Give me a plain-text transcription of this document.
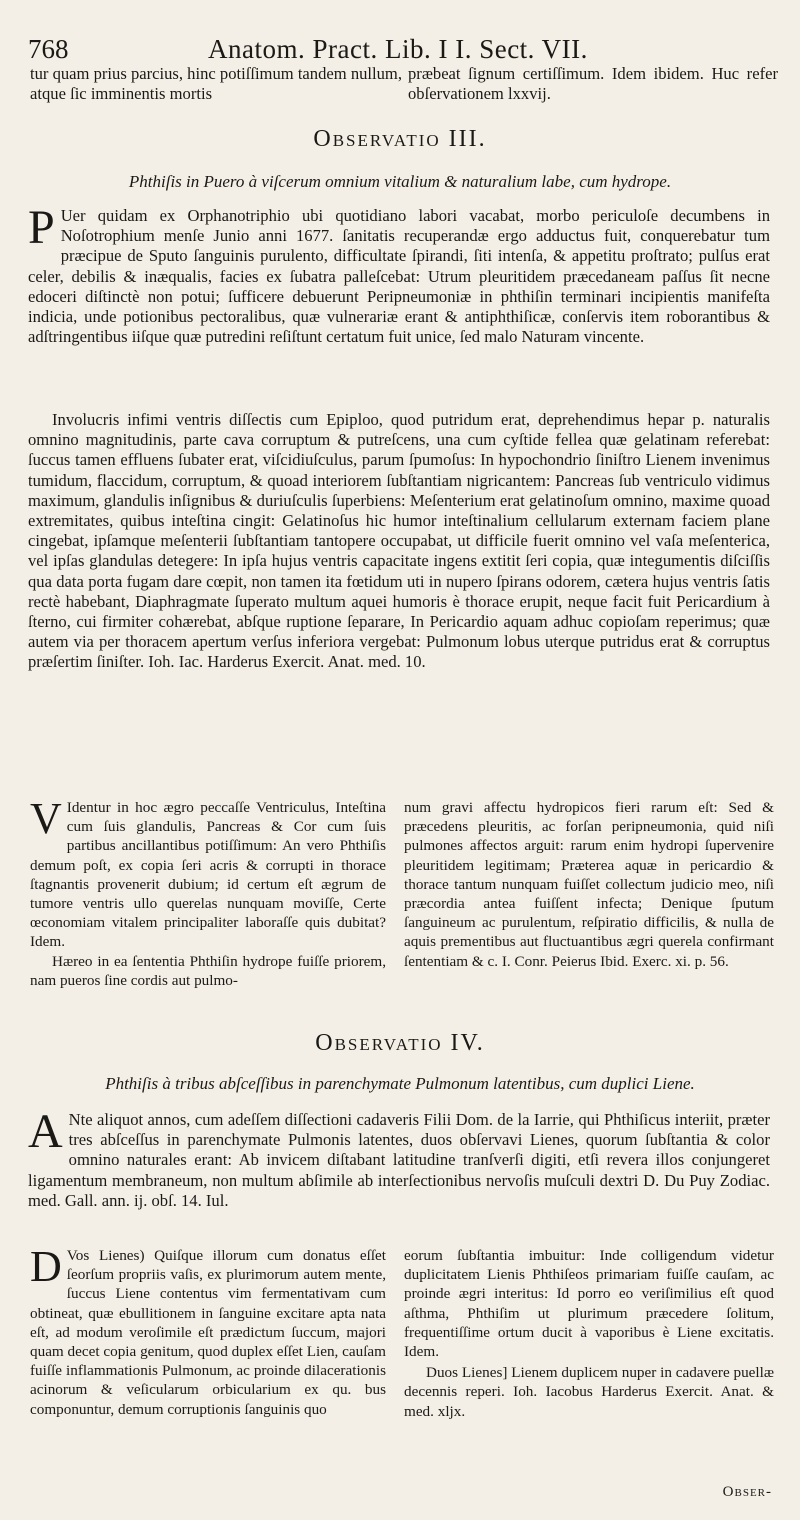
768	Anatom. Pract. Lib. I I. Sect. VII.
tur quam prius parcius, hinc potiſſimum tandem nullum, atque ſic imminentis mortis
præbeat ſignum certiſſimum. Idem ibidem. Huc refer obſervationem lxxvij.
Observatio III.
Phthiſis in Puero à viſcerum omnium vitalium & naturalium labe, cum hydrope.
P Uer quidam ex Orphanotriphio ubi quotidiano labori vacabat, morbo periculoſe decumbens in Noſotrophium menſe Junio anni 1677. ſanitatis recuperandæ ergo adductus fuit, conquerebatur tum præcipue de Sputo ſanguinis purulento, difficultate ſpirandi, ſiti intenſa, & appetitu proſtrato; pulſus erat celer, debilis & inæqualis, facies ex ſubatra palleſcebat: Utrum pleuritidem præcedaneam paſſus ſit necne edoceri diſtinctè non potui; ſufficere debuerunt Peripneumoniæ in phthiſin terminari incipientis manifeſta indicia, unde potionibus pectoralibus, quæ vulnerariæ erant & antiphthiſicæ, conſervis item roborantibus & adſtringentibus iiſque quæ putredini reſiſtunt certatum fuit unice, ſed malo Naturam vincente.
Involucris infimi ventris diſſectis cum Epiploo, quod putridum erat, deprehendimus hepar p. naturalis omnino magnitudinis, parte cava corruptum & putreſcens, una cum cyſtide fellea quæ gelatinam referebat: ſuccus tamen effluens ſubater erat, viſcidiuſculus, parum ſpumoſus: In hypochondrio ſiniſtro Lienem invenimus tumidum, flaccidum, corruptum, & quoad interiorem ſubſtantiam nigricantem: Pancreas ſub ventriculo vidimus maximum, glandulis inſignibus & duriuſculis ſuperbiens: Meſenterium erat gelatinoſum omnino, maxime quoad extremitates, quibus inteſtina cingit: Gelatinoſus hic humor inteſtinalium cellularum externam faciem plane cingebat, ipſamque meſenterii ſubſtantiam tantopere occupabat, ut difficile fuerit omnino vel vaſa meſenterica, vel ipſas glandulas detegere: In ipſa hujus ventris capacitate ingens extitit ſeri copia, quæ integumentis diſciſſis qua data porta fugam dare cœpit, non tamen ita fœtidum uti in nupero ſpirans odorem, cætera hujus ventris ſatis rectè habebant, Diaphragmate ſuperato multum aquei humoris è thorace erupit, neque facit fuit Pericardium à ſterno, cui firmiter cohærebat, abſque ruptione ſeparare, In Pericardio aquam adhuc copioſam reperimus; quæ autem via per thoracem apertum verſus inferiora vergebat: Pulmonum lobus uterque putridus erat & corruptus præſertim ſiniſter. Ioh. Iac. Harderus Exercit. Anat. med. 10.
V Identur in hoc ægro peccaſſe Ventriculus, Inteſtina cum ſuis glandulis, Pancreas & Cor cum ſuis partibus ancillantibus potiſſimum: An vero Phthiſis demum poſt, ex copia ſeri acris & corrupti in thorace ſtagnantis provenerit dubium; id certum eſt ægrum de tumore ventris ullo querelas nunquam moviſſe, Certe œconomiam vitalem principaliter laboraſſe quis dubitat? Idem.
Hæreo in ea ſententia Phthiſin hydrope fuiſſe priorem, nam pueros ſine cordis aut pulmo-
num gravi affectu hydropicos fieri rarum eſt: Sed & præcedens pleuritis, ac forſan peripneumonia, quid niſi pulmones affectos arguit: rarum enim hydropi ſupervenire pleuritidem legitimam; Præterea aquæ in pericardio & thorace tantum nunquam fuiſſet collectum judicio meo, niſi præcordia antea fuiſſent infecta; Denique ſputum ſanguineum ac purulentum, reſpiratio difficilis, & nulla de aquis prementibus aut fluctuantibus ægri querela confirmant ſententiam & c. I. Conr. Peierus Ibid. Exerc. xi. p. 56.
Observatio IV.
Phthiſis à tribus abſceſſibus in parenchymate Pulmonum latentibus, cum duplici Liene.
A Nte aliquot annos, cum adeſſem diſſectioni cadaveris Filii Dom. de la Iarrie, qui Phthiſicus interiit, præter tres abſceſſus in parenchymate Pulmonis latentes, duos obſervavi Lienes, quorum ſubſtantia & color omnino naturales erant: Ab invicem diſtabant latitudine tranſverſi digiti, etſi revera illos conjungeret ligamentum membraneum, non multum abſimile ab interſectionibus nervoſis muſculi dextri D. Du Puy Zodiac. med. Gall. ann. ij. obſ. 14. Iul.
D Vos Lienes) Quiſque illorum cum donatus eſſet ſeorſum propriis vaſis, ex plurimorum autem mente, ſuccus Liene contentus vim fermentativam cum obtineat, quæ ebullitionem in ſanguine excitare apta nata eſt, ad modum veroſimile eſt prædictum ſuccum, majori quam decet copia genitum, quod duplex eſſet Lien, cauſam fuiſſe inflammationis Pulmonum, ac proinde dilacerationis acinorum & veſicularum orbicularium ex qu. bus componuntur, demum corruptionis ſanguinis quo
eorum ſubſtantia imbuitur: Inde colligendum videtur duplicitatem Lienis Phthiſeos primariam fuiſſe cauſam, ac proinde ægri interitus: Id porro eo veriſimilius eſt quod aſthma, Phthiſim ut plurimum præcedere ſolitum, frequentiſſime ortum ducit à vaporibus è Liene excitatis. Idem.
Duos Lienes] Lienem duplicem nuper in cadavere puellæ decennis reperi. Ioh. Iacobus Harderus Exercit. Anat. & med. xljx.
Obser-
